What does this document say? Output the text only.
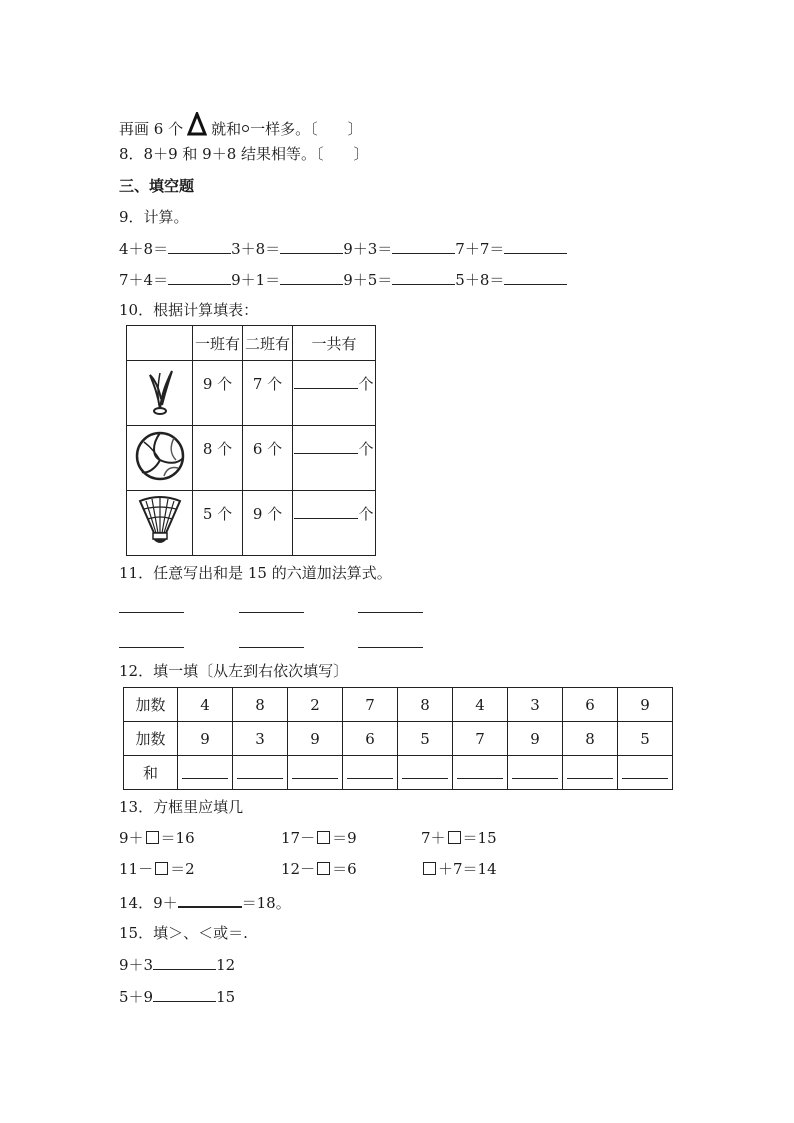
再画 6 个 就和 一样多。〔　　〕
8．8＋9 和 9＋8 结果相等。〔　　〕
三、填空题
9．计算。
4＋8＝	3＋8＝	9＋3＝	7＋7＝
7＋4＝	9＋1＝	9＋5＝	5＋8＝
10．根据计算填表：
	一班有	二班有	一共有
	9 个	7 个	个
	8 个	6 个	个
	5 个	9 个	个
11．任意写出和是 15 的六道加法算式。
12．填一填〔从左到右依次填写〕
加数	4	8	2	7	8	4	3	6	9
加数	9	3	9	6	5	7	9	8	5
和									
13．方框里应填几
9＋ ＝16	17－ ＝9	7＋ ＝15
11－ ＝2	12－ ＝6	＋7＝14
14．9＋	＝18。
15．填＞、＜或＝.
9＋3	12
5＋9	15
